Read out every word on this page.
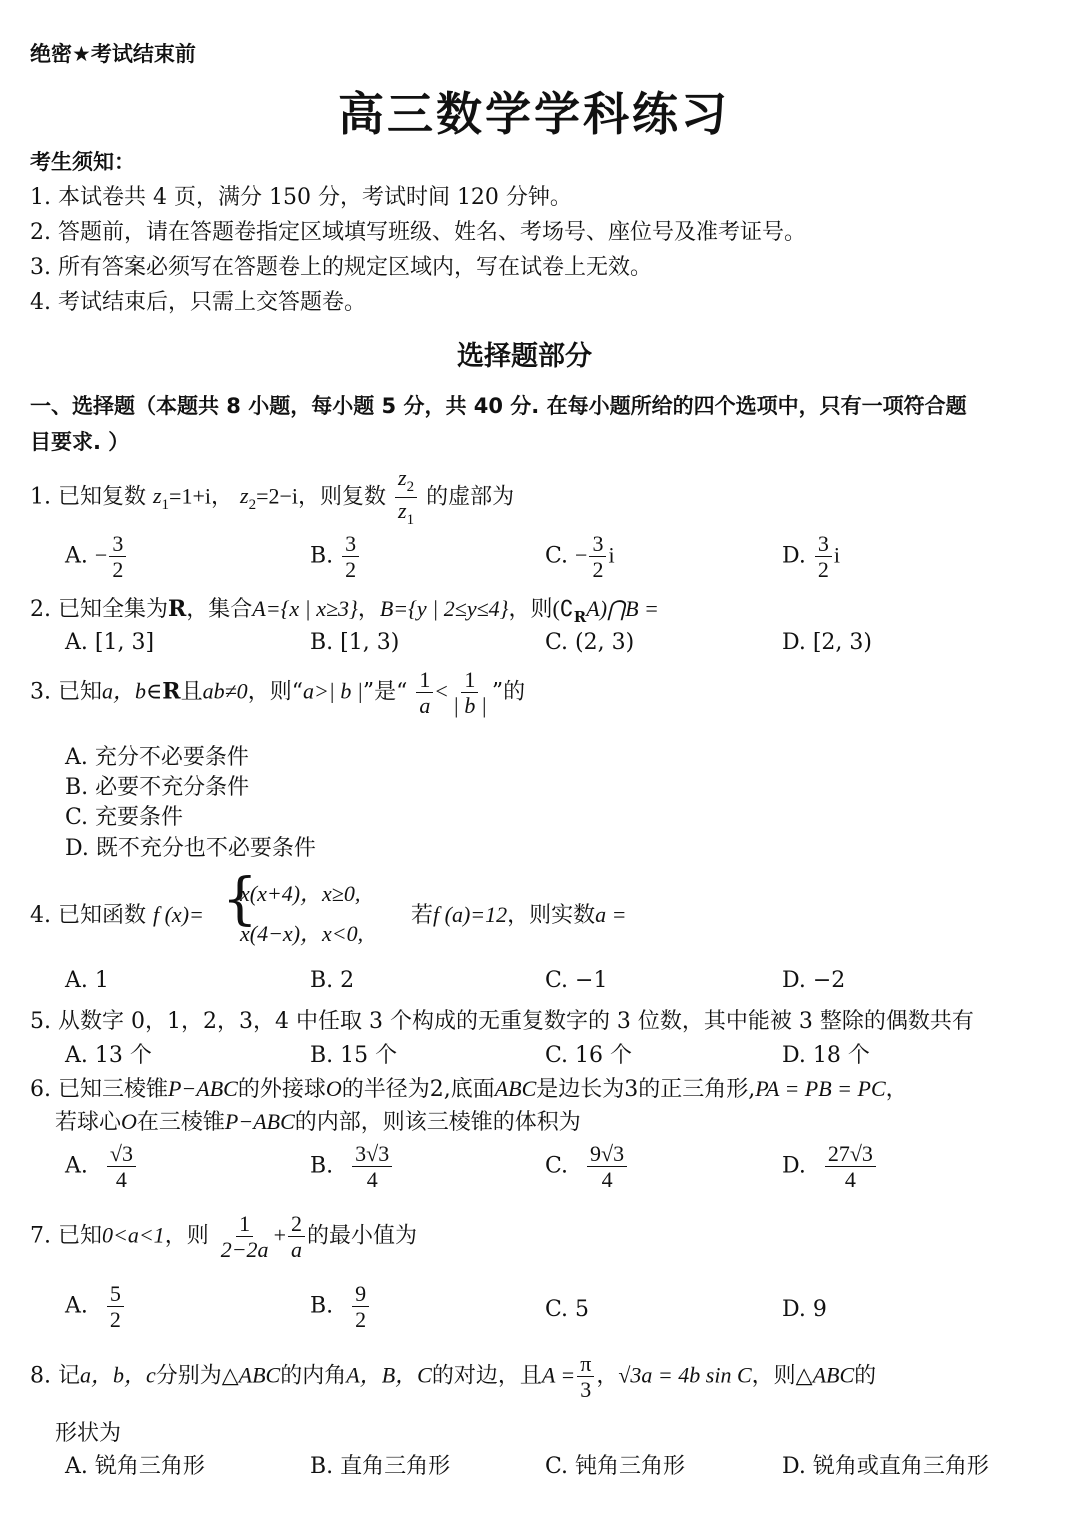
绝密★考试结束前
高三数学学科练习
考生须知：
1. 本试卷共 4 页，满分 150 分，考试时间 120 分钟。
2. 答题前，请在答题卷指定区域填写班级、姓名、考场号、座位号及准考证号。
3. 所有答案必须写在答题卷上的规定区域内，写在试卷上无效。
4. 考试结束后，只需上交答题卷。
选择题部分
一、选择题（本题共 8 小题，每小题 5 分，共 40 分. 在每小题所给的四个选项中，只有一项符合题
目要求. ）
1. 已知复数 $z_1=1+i$， $z_2=2-i$，则复数 $\frac{z_2}{z_1}$ 的虚部为
A. − $\frac{3}{2}$	B. $\frac{3}{2}$	C. − $\frac{3}{2}$ i	D. $\frac{3}{2}$ i
2. 已知全集为R，集合A={x | x≥3}，B={y | 2≤y≤4}，则$(∁_RA)⋂B$ =
A. [1, 3]	B. [1, 3)	C. (2, 3)	D. [2, 3)
3. 已知a，b∈R且ab≠0，则“a>| b |”是“ $\frac{1}{a} < \frac{1}{| b |}$ ”的
A. 充分不必要条件
B. 必要不充分条件
C. 充要条件
D. 既不充分也不必要条件
4. 已知函数 f (x)= {
x(x+4)，x≥0,
x(4−x)，x<0,
若f (a)=12，则实数a =
A. 1	B. 2	C. −1	D. −2
5. 从数字 0，1，2，3，4 中任取 3 个构成的无重复数字的 3 位数，其中能被 3 整除的偶数共有
A. 13 个	B. 15 个	C. 16 个	D. 18 个
6. 已知三棱锥P−ABC的外接球O的半径为2,底面ABC是边长为3的正三角形,PA = PB = PC，
若球心O在三棱锥P−ABC的内部，则该三棱锥的体积为
A. $\frac{√3}{4}$	B. $\frac{3√3}{4}$	C. $\frac{9√3}{4}$	D. $\frac{27√3}{4}$
7. 已知0<a<1，则 $\frac{1}{2-2a} + \frac{2}{a}$ 的最小值为
A. $\frac{5}{2}$	B. $\frac{9}{2}$	C. 5	D. 9
8. 记a，b，c分别为△ABC的内角A，B，C的对边，且$A = \frac{\pi}{3}$ ，√3a = 4b sin C，则△ABC的
形状为
A. 锐角三角形	B. 直角三角形	C. 钝角三角形	D. 锐角或直角三角形
